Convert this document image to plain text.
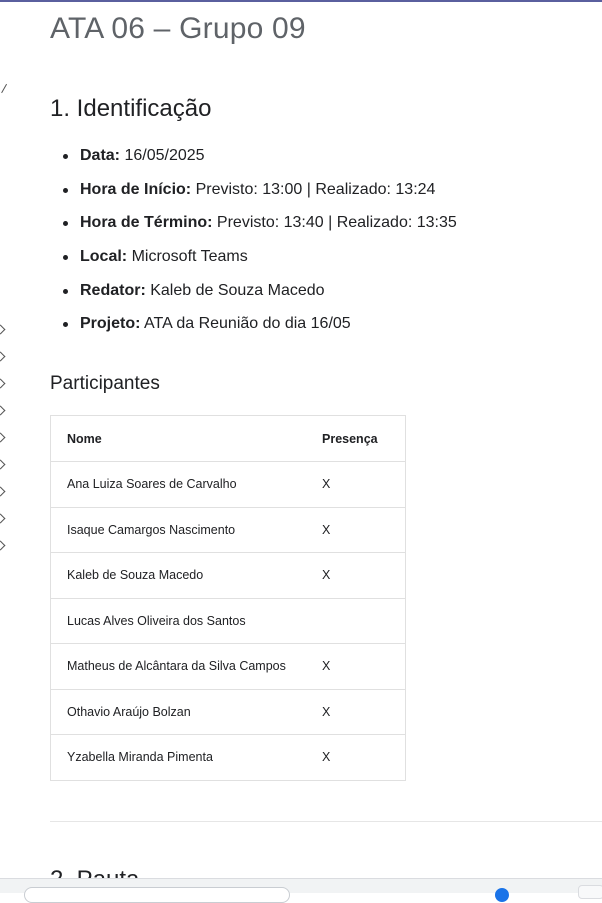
ATA 06 – Grupo 09
1. Identificação
Data: 16/05/2025
Hora de Início: Previsto: 13:00 | Realizado: 13:24
Hora de Término: Previsto: 13:40 | Realizado: 13:35
Local: Microsoft Teams
Redator: Kaleb de Souza Macedo
Projeto: ATA da Reunião do dia 16/05
Participantes
Nome	Presença
Ana Luiza Soares de Carvalho	X
Isaque Camargos Nascimento	X
Kaleb de Souza Macedo	X
Lucas Alves Oliveira dos Santos	
Matheus de Alcântara da Silva Campos	X
Othavio Araújo Bolzan	X
Yzabella Miranda Pimenta	X
